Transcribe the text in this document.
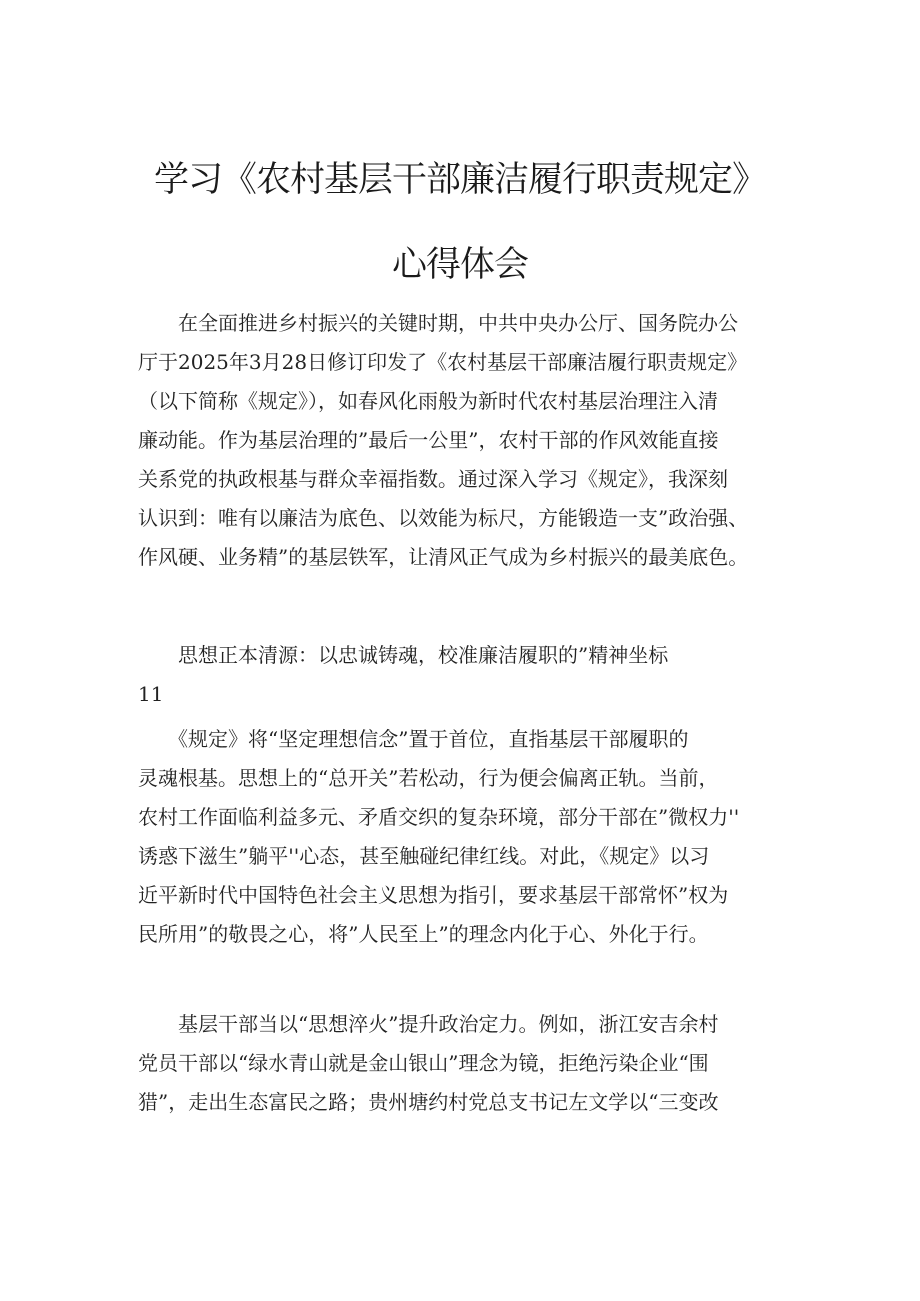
学习《农村基层干部廉洁履行职责规定》
心得体会
　　在全面推进乡村振兴的关键时期，中共中央办公厅、国务院办公
厅于2025年3月28日修订印发了《农村基层干部廉洁履行职责规定》
（以下简称《规定》），如春风化雨般为新时代农村基层治理注入清
廉动能。作为基层治理的”最后一公里”，农村干部的作风效能直接
关系党的执政根基与群众幸福指数。通过深入学习《规定》，我深刻
认识到：唯有以廉洁为底色、以效能为标尺，方能锻造一支”政治强、
作风硬、业务精”的基层铁军，让清风正气成为乡村振兴的最美底色。
　　思想正本清源：以忠诚铸魂，校准廉洁履职的”精神坐标
11
　　《规定》将“坚定理想信念”置于首位，直指基层干部履职的
灵魂根基。思想上的“总开关”若松动，行为便会偏离正轨。当前，
农村工作面临利益多元、矛盾交织的复杂环境，部分干部在”微权力''
诱惑下滋生”躺平''心态，甚至触碰纪律红线。对此，《规定》以习
近平新时代中国特色社会主义思想为指引，要求基层干部常怀”权为
民所用”的敬畏之心，将”人民至上”的理念内化于心、外化于行。
　　基层干部当以“思想淬火”提升政治定力。例如，浙江安吉余村
党员干部以“绿水青山就是金山银山”理念为镜，拒绝污染企业“围
猎”，走出生态富民之路；贵州塘约村党总支书记左文学以“三变改
